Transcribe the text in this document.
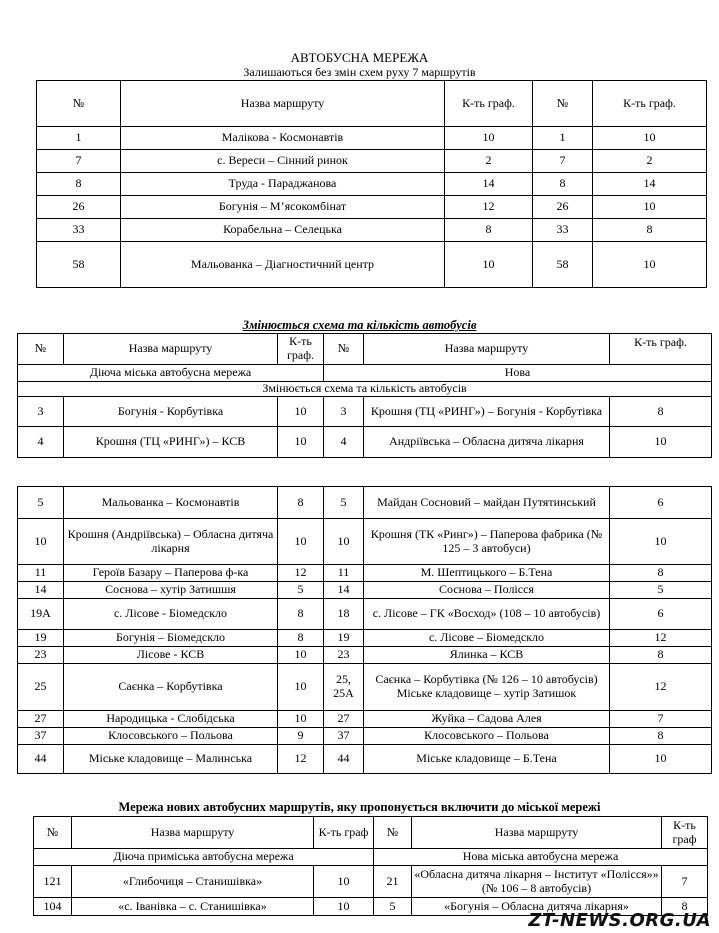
АВТОБУСНА МЕРЕЖА
Залишаються без змін схем руху 7 маршрутів
№	Назва маршруту	К-ть граф.	№	К-ть граф.
1	Малікова - Космонавтів	10	1	10
7	с. Вереси – Сінний ринок	2	7	2
8	Труда - Параджанова	14	8	14
26	Богунія – М’ясокомбінат	12	26	10
33	Корабельна – Селецька	8	33	8
58	Мальованка – Діагностичний центр	10	58	10
Змінюється схема та кількість автобусів
№	Назва маршруту	К-ть граф.	№	Назва маршруту	К-ть граф.
Діюча міська автобусна мережа			Нова		
Змінюється схема та кількість автобусів					
3	Богунія - Корбутівка	10	3	Крошня (ТЦ «РИНГ») – Богунія - Корбутівка	8
4	Крошня (ТЦ «РИНГ») – КСВ	10	4	Андріївська – Обласна дитяча лікарня	10
5	Мальованка – Космонавтів	8	5	Майдан Сосновий – майдан Путятинський	6
10	Крошня (Андріївська) – Обласна дитяча лікарня	10	10	Крошня (ТК «Ринг») – Паперова фабрика (№ 125 – 3 автобуси)	10
11	Героїв Базару – Паперова ф-ка	12	11	М. Шептицького – Б.Тена	8
14	Соснова – хутір Затишшя	5	14	Соснова – Полісся	5
19А	с. Лісове - Біомедскло	8	18	с. Лісове – ГК «Восход» (108 – 10 автобусів)	6
19	Богунія – Біомедскло	8	19	с. Лісове – Біомедскло	12
23	Лісове - КСВ	10	23	Ялинка – КСВ	8
25	Саєнка – Корбутівка	10	25, 25А	Саєнка – Корбутівка (№ 126 – 10 автобусів) Міське кладовище – хутір Затишок	12
27	Народицька - Слобідська	10	27	Жуйка – Садова Алея	7
37	Клосовського – Польова	9	37	Клосовського – Польова	8
44	Міське кладовище – Малинська	12	44	Міське кладовище – Б.Тена	10
Мережа нових автобусних маршрутів, яку пропонується включити до міської мережі
№	Назва маршруту	К-ть граф	№	Назва маршруту	К-ть граф
Діюча приміська автобусна мережа			Нова міська автобусна мережа		
121	«Глибочиця – Станишівка»	10	21	«Обласна дитяча лікарня – Інститут «Полісся»» (№ 106 – 8 автобусів)	7
104	«с. Іванівка – с. Станишівка»	10	5	«Богунія – Обласна дитяча лікарня»	8
ZT-NEWS.ORG.UA
